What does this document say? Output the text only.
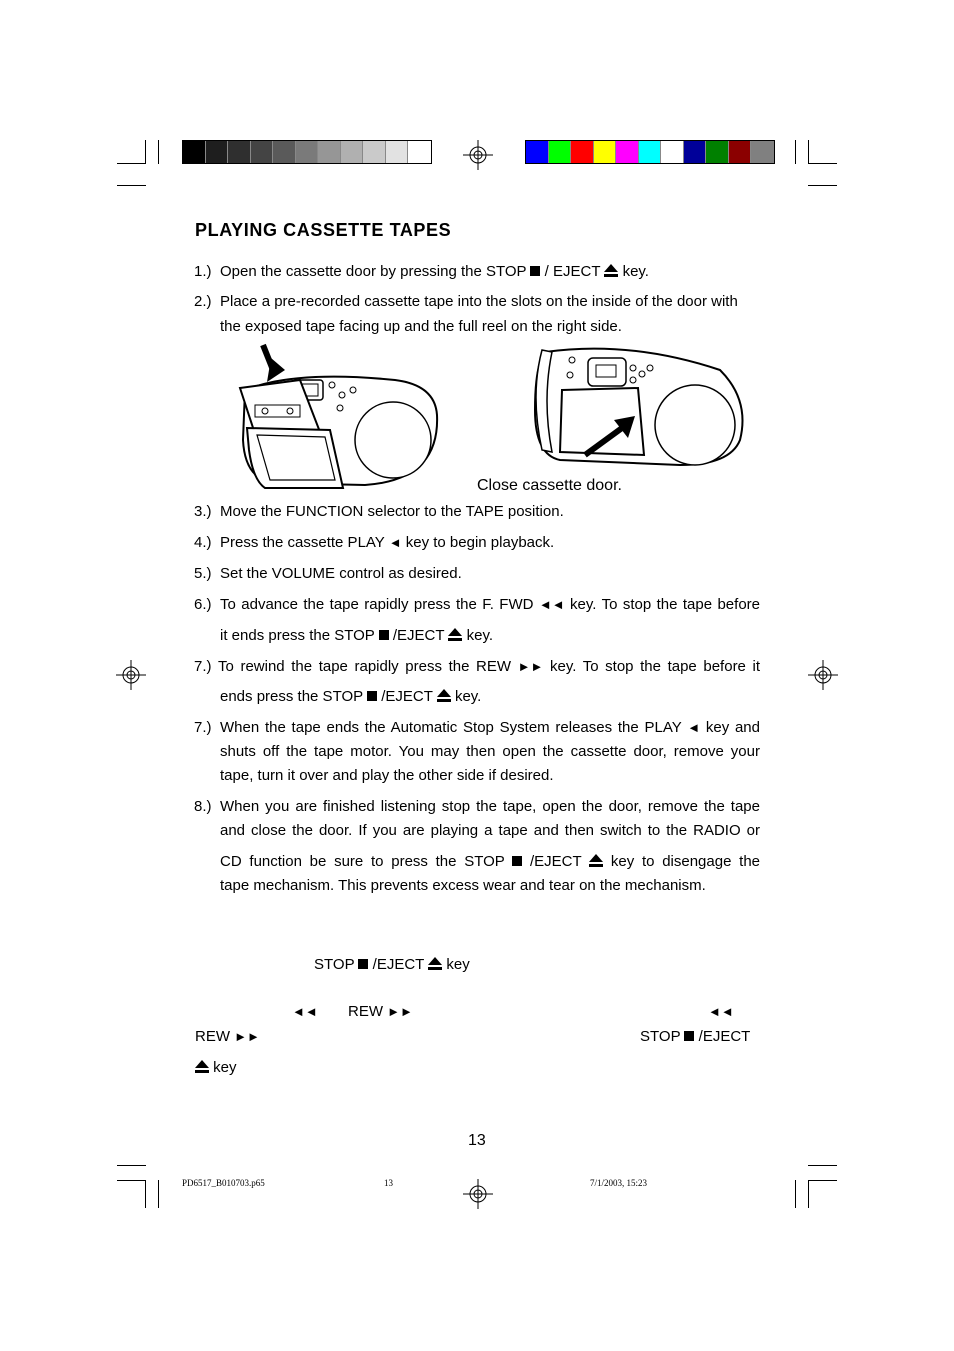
PLAYING CASSETTE TAPES
1.) Open the cassette door by pressing the STOP / EJECT key.
2.) Place a pre-recorded cassette tape into the slots on the inside of the door with
the exposed tape facing up and the full reel on the right side.
Close cassette door.
3.) Move the FUNCTION selector to the TAPE position.
4.) Press the cassette PLAY ◄ key to begin playback.
5.) Set the VOLUME control as desired.
6.) To advance the tape rapidly press the F. FWD ◄◄ key. To stop the tape before
it ends press the STOP /EJECT key.
7.) To rewind the tape rapidly press the REW ►► key. To stop the tape before it
ends press the STOP /EJECT key.
7.) When the tape ends the Automatic Stop System releases the PLAY ◄ key and
shuts off the tape motor. You may then open the cassette door, remove your
tape, turn it over and play the other side if desired.
8.) When you are finished listening stop the tape, open the door, remove the tape
and close the door. If you are playing a tape and then switch to the RADIO or
CD function be sure to press the STOP /EJECT key to disengage the
tape mechanism. This prevents excess wear and tear on the mechanism.
STOP /EJECT key
◄◄ REW ►►	◄◄
REW ►►	STOP /EJECT
key
13
PD6517_B010703.p65	13	7/1/2003, 15:23
